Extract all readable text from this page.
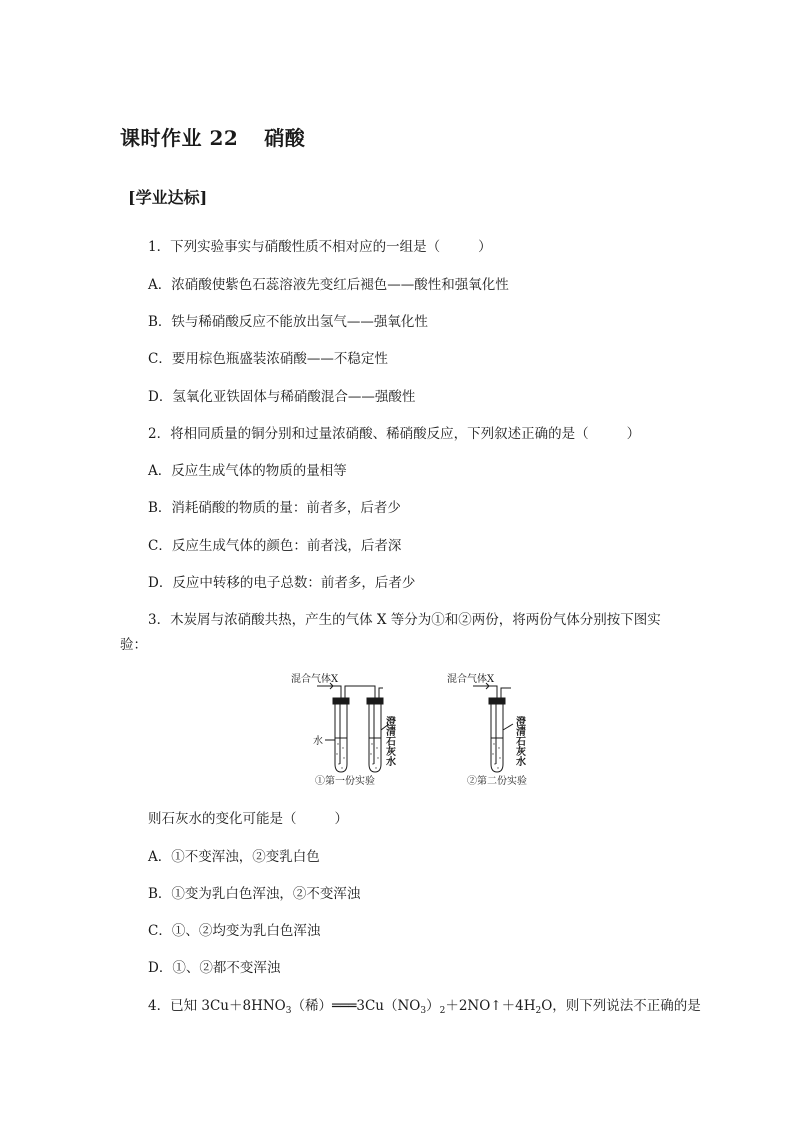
课时作业 22 硝酸
[学业达标]
1．下列实验事实与硝酸性质不相对应的一组是（	）
A．浓硝酸使紫色石蕊溶液先变红后褪色——酸性和强氧化性
B．铁与稀硝酸反应不能放出氢气——强氧化性
C．要用棕色瓶盛装浓硝酸——不稳定性
D．氢氧化亚铁固体与稀硝酸混合——强酸性
2．将相同质量的铜分别和过量浓硝酸、稀硝酸反应，下列叙述正确的是（	）
A．反应生成气体的物质的量相等
B．消耗硝酸的物质的量：前者多，后者少
C．反应生成气体的颜色：前者浅，后者深
D．反应中转移的电子总数：前者多，后者少
3．木炭屑与浓硝酸共热，产生的气体 X 等分为①和②两份，将两份气体分别按下图实
验：
混合气体X	混合气体X
水	澄清石灰水	澄清石灰水
①第一份实验	②第二份实验
则石灰水的变化可能是（	）
A．①不变浑浊，②变乳白色
B．①变为乳白色浑浊，②不变浑浊
C．①、②均变为乳白色浑浊
D．①、②都不变浑浊
4．已知 $3Cu+8HNO_3$（稀）$═══3Cu(NO_3)_2+2NO↑+4H_2O$，则下列说法不正确的是
